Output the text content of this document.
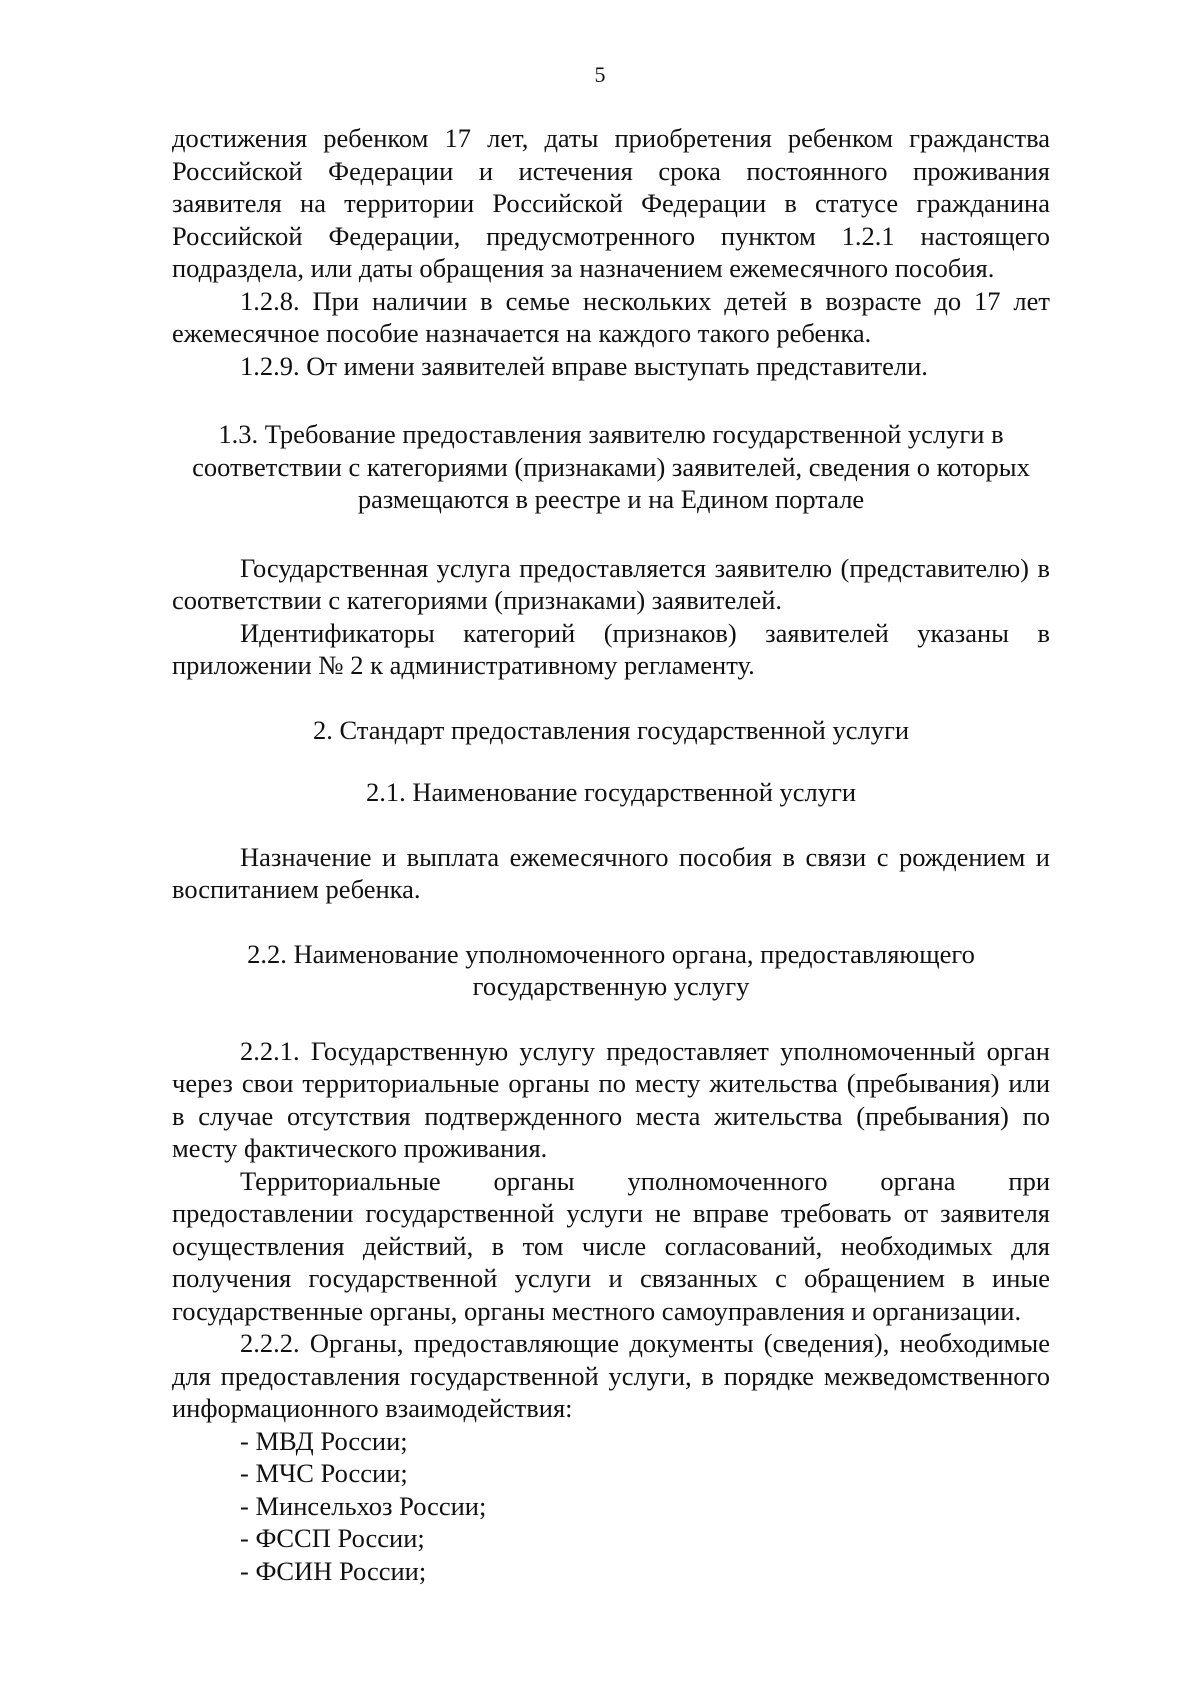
5

достижения ребенком 17 лет, даты приобретения ребенком гражданства Российской Федерации и истечения срока постоянного проживания заявителя на территории Российской Федерации в статусе гражданина Российской Федерации, предусмотренного пунктом 1.2.1 настоящего подраздела, или даты обращения за назначением ежемесячного пособия.

1.2.8. При наличии в семье нескольких детей в возрасте до 17 лет ежемесячное пособие назначается на каждого такого ребенка.

1.2.9. От имени заявителей вправе выступать представители.

1.3. Требование предоставления заявителю государственной услуги в соответствии с категориями (признаками) заявителей, сведения о которых размещаются в реестре и на Едином портале

Государственная услуга предоставляется заявителю (представителю) в соответствии с категориями (признаками) заявителей.

Идентификаторы категорий (признаков) заявителей указаны в приложении № 2 к административному регламенту.

2. Стандарт предоставления государственной услуги

2.1. Наименование государственной услуги

Назначение и выплата ежемесячного пособия в связи с рождением и воспитанием ребенка.

2.2. Наименование уполномоченного органа, предоставляющего государственную услугу

2.2.1. Государственную услугу предоставляет уполномоченный орган через свои территориальные органы по месту жительства (пребывания) или в случае отсутствия подтвержденного места жительства (пребывания) по месту фактического проживания.

Территориальные органы уполномоченного органа при предоставлении государственной услуги не вправе требовать от заявителя осуществления действий, в том числе согласований, необходимых для получения государственной услуги и связанных с обращением в иные государственные органы, органы местного самоуправления и организации.

2.2.2. Органы, предоставляющие документы (сведения), необходимые для предоставления государственной услуги, в порядке межведомственного информационного взаимодействия:

- МВД России;
- МЧС России;
- Минсельхоз России;
- ФССП России;
- ФСИН России;
